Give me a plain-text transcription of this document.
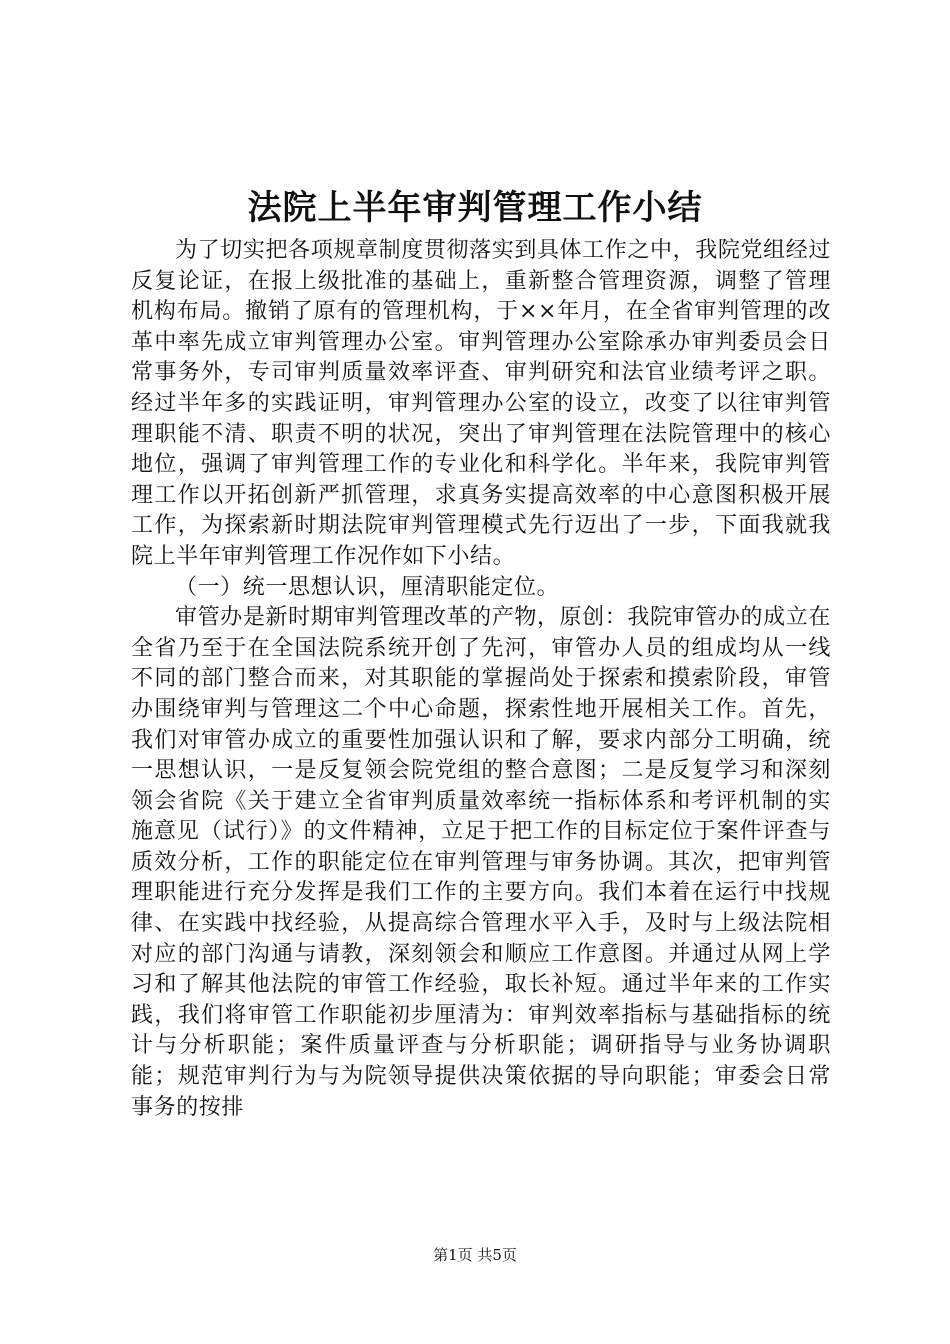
法院上半年审判管理工作小结

为了切实把各项规章制度贯彻落实到具体工作之中，我院党组经过反复论证，在报上级批准的基础上，重新整合管理资源，调整了管理机构布局。撤销了原有的管理机构，于××年月，在全省审判管理的改革中率先成立审判管理办公室。审判管理办公室除承办审判委员会日常事务外，专司审判质量效率评查、审判研究和法官业绩考评之职。经过半年多的实践证明，审判管理办公室的设立，改变了以往审判管理职能不清、职责不明的状况，突出了审判管理在法院管理中的核心地位，强调了审判管理工作的专业化和科学化。半年来，我院审判管理工作以开拓创新严抓管理，求真务实提高效率的中心意图积极开展工作，为探索新时期法院审判管理模式先行迈出了一步，下面我就我院上半年审判管理工作况作如下小结。

（一）统一思想认识，厘清职能定位。

审管办是新时期审判管理改革的产物，原创：我院审管办的成立在全省乃至于在全国法院系统开创了先河，审管办人员的组成均从一线不同的部门整合而来，对其职能的掌握尚处于探索和摸索阶段，审管办围绕审判与管理这二个中心命题，探索性地开展相关工作。首先，我们对审管办成立的重要性加强认识和了解，要求内部分工明确，统一思想认识，一是反复领会院党组的整合意图；二是反复学习和深刻领会省院《关于建立全省审判质量效率统一指标体系和考评机制的实施意见（试行）》的文件精神，立足于把工作的目标定位于案件评查与质效分析，工作的职能定位在审判管理与审务协调。其次，把审判管理职能进行充分发挥是我们工作的主要方向。我们本着在运行中找规律、在实践中找经验，从提高综合管理水平入手，及时与上级法院相对应的部门沟通与请教，深刻领会和顺应工作意图。并通过从网上学习和了解其他法院的审管工作经验，取长补短。通过半年来的工作实践，我们将审管工作职能初步厘清为：审判效率指标与基础指标的统计与分析职能；案件质量评查与分析职能；调研指导与业务协调职能；规范审判行为与为院领导提供决策依据的导向职能；审委会日常事务的按排

第1页 共5页
